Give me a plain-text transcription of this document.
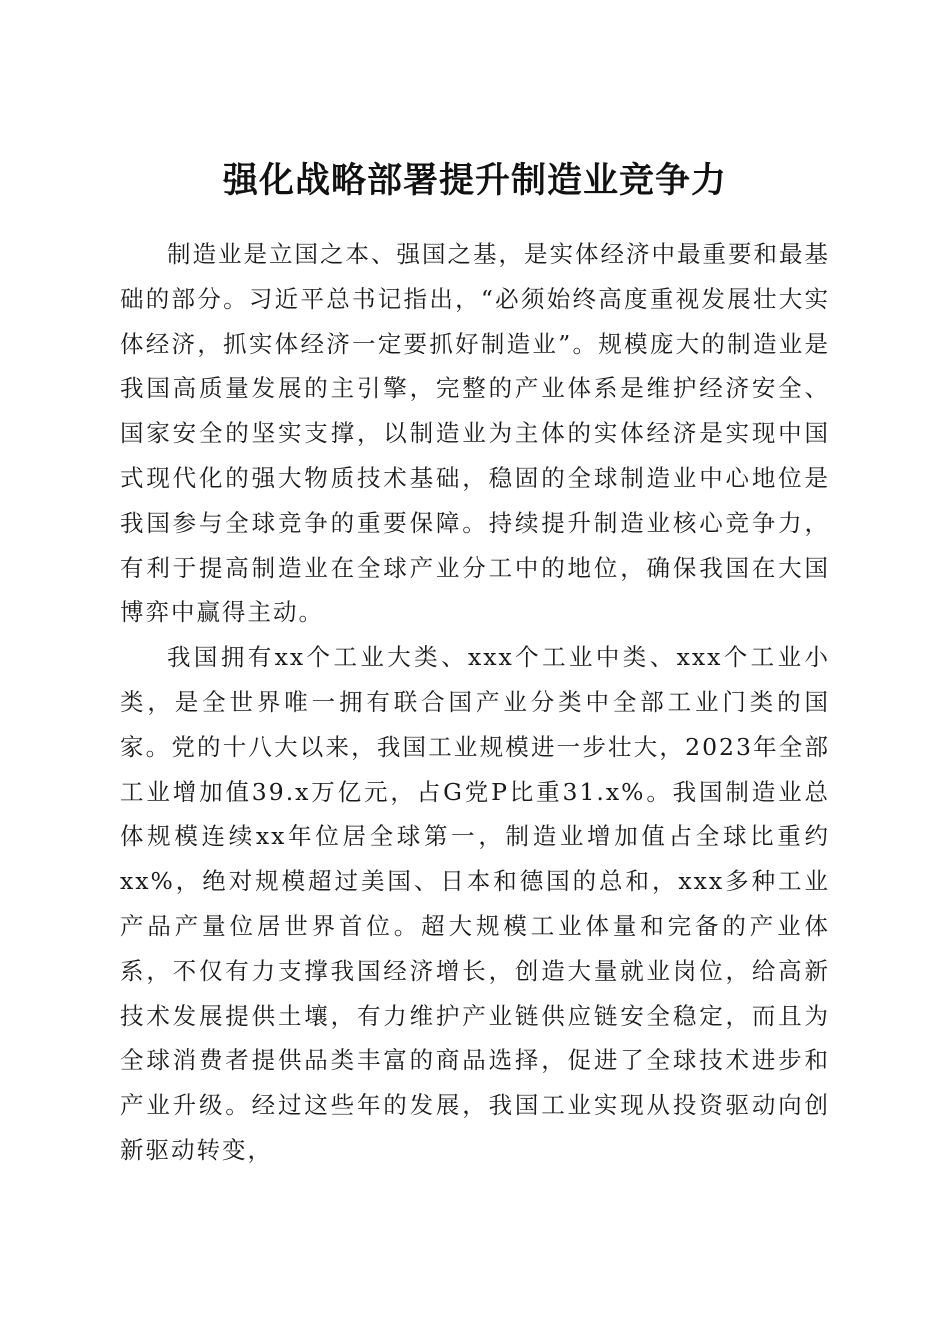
强化战略部署提升制造业竞争力

制造业是立国之本、强国之基，是实体经济中最重要和最基础的部分。习近平总书记指出，“必须始终高度重视发展壮大实体经济，抓实体经济一定要抓好制造业”。规模庞大的制造业是我国高质量发展的主引擎，完整的产业体系是维护经济安全、国家安全的坚实支撑，以制造业为主体的实体经济是实现中国式现代化的强大物质技术基础，稳固的全球制造业中心地位是我国参与全球竞争的重要保障。持续提升制造业核心竞争力，有利于提高制造业在全球产业分工中的地位，确保我国在大国博弈中赢得主动。

我国拥有xx个工业大类、xxx个工业中类、xxx个工业小类，是全世界唯一拥有联合国产业分类中全部工业门类的国家。党的十八大以来，我国工业规模进一步壮大，2023年全部工业增加值39.x万亿元，占G党P比重31.x%。我国制造业总体规模连续xx年位居全球第一，制造业增加值占全球比重约xx%，绝对规模超过美国、日本和德国的总和，xxx多种工业产品产量位居世界首位。超大规模工业体量和完备的产业体系，不仅有力支撑我国经济增长，创造大量就业岗位，给高新技术发展提供土壤，有力维护产业链供应链安全稳定，而且为全球消费者提供品类丰富的商品选择，促进了全球技术进步和产业升级。经过这些年的发展，我国工业实现从投资驱动向创新驱动转变，
